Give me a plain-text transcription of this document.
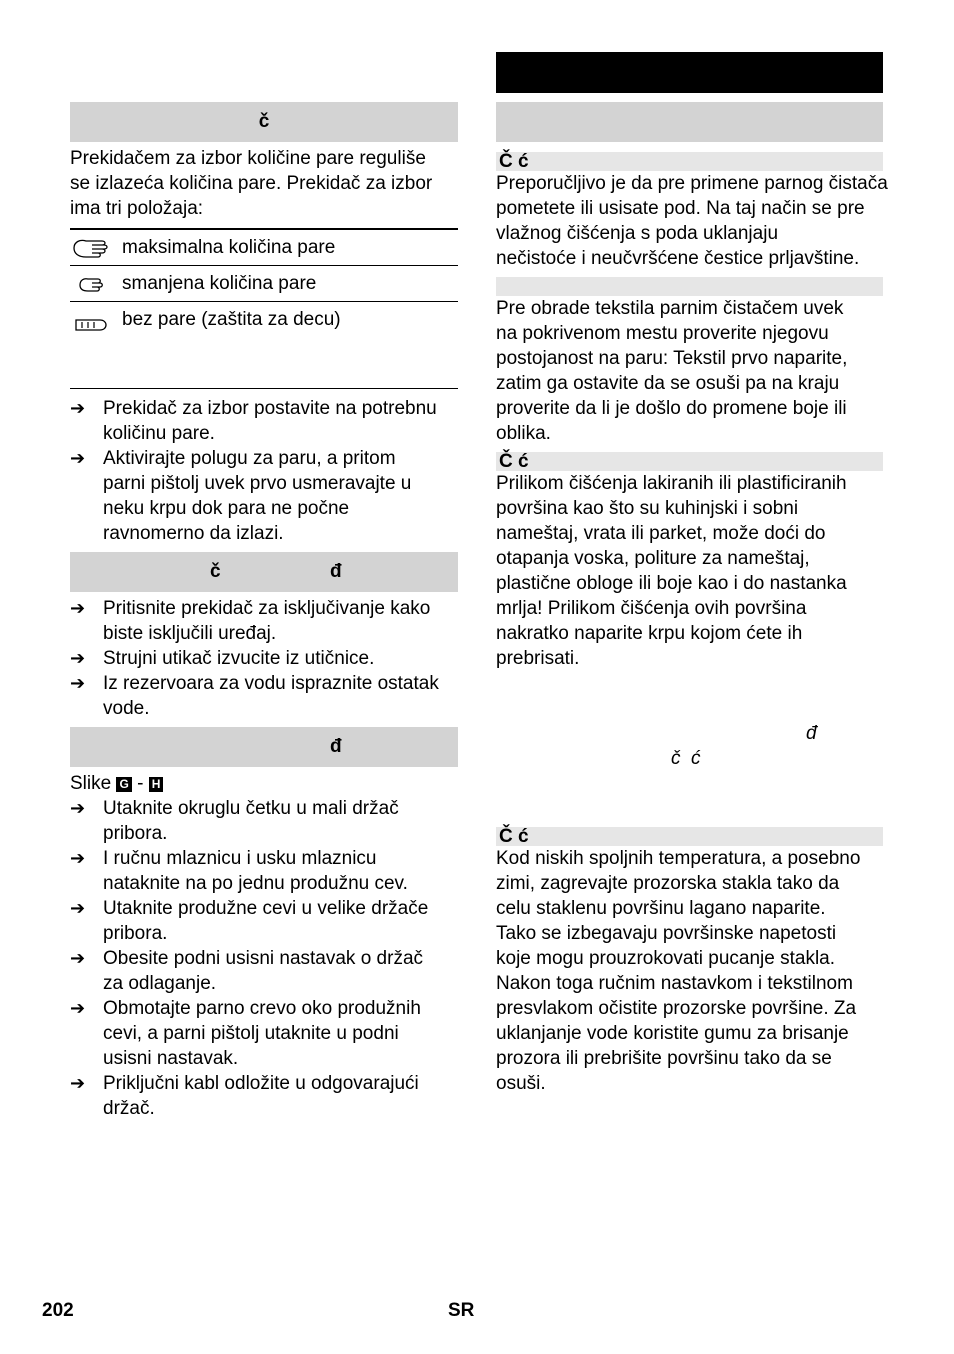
č
Prekidačem za izbor količine pare reguliše
se izlazeća količina pare. Prekidač za izbor
ima tri položaja:
maksimalna količina pare
smanjena količina pare
bez pare (zaštita za decu)
➔ Prekidač za izbor postavite na potrebnu
količinu pare.
➔ Aktivirajte polugu za paru, a pritom
parni pištolj uvek prvo usmeravajte u
neku krpu dok para ne počne
ravnomerno da izlazi.
č	đ
➔ Pritisnite prekidač za isključivanje kako
biste isključili uređaj.
➔ Strujni utikač izvucite iz utičnice.
➔ Iz rezervoara za vodu ispraznite ostatak
vode.
đ
Slike G - H
➔ Utaknite okruglu četku u mali držač
pribora.
➔ I ručnu mlaznicu i usku mlaznicu
nataknite na po jednu produžnu cev.
➔ Utaknite produžne cevi u velike držače
pribora.
➔ Obesite podni usisni nastavak o držač
za odlaganje.
➔ Obmotajte parno crevo oko produžnih
cevi, a parni pištolj utaknite u podni
usisni nastavak.
➔ Priključni kabl odložite u odgovarajući
držač.
Č ć
Preporučljivo je da pre primene parnog čistača
pometete ili usisate pod. Na taj način se pre
vlažnog čišćenja s poda uklanjaju
nečistoće i neučvršćene čestice prljavštine.
Pre obrade tekstila parnim čistačem uvek
na pokrivenom mestu proverite njegovu
postojanost na paru: Tekstil prvo naparite,
zatim ga ostavite da se osuši pa na kraju
proverite da li je došlo do promene boje ili
oblika.
Č ć
Prilikom čišćenja lakiranih ili plastificiranih
površina kao što su kuhinjski i sobni
nameštaj, vrata ili parket, može doći do
otapanja voska, politure za nameštaj,
plastične obloge ili boje kao i do nastanka
mrlja! Prilikom čišćenja ovih površina
nakratko naparite krpu kojom ćete ih
prebrisati.
đ
č  ć
Č ć
Kod niskih spoljnih temperatura, a posebno
zimi, zagrevajte prozorska stakla tako da
celu staklenu površinu lagano naparite.
Tako se izbegavaju površinske napetosti
koje mogu prouzrokovati pucanje stakla.
Nakon toga ručnim nastavkom i tekstilnom
presvlakom očistite prozorske površine. Za
uklanjanje vode koristite gumu za brisanje
prozora ili prebrišite površinu tako da se
osuši.
202	SR
